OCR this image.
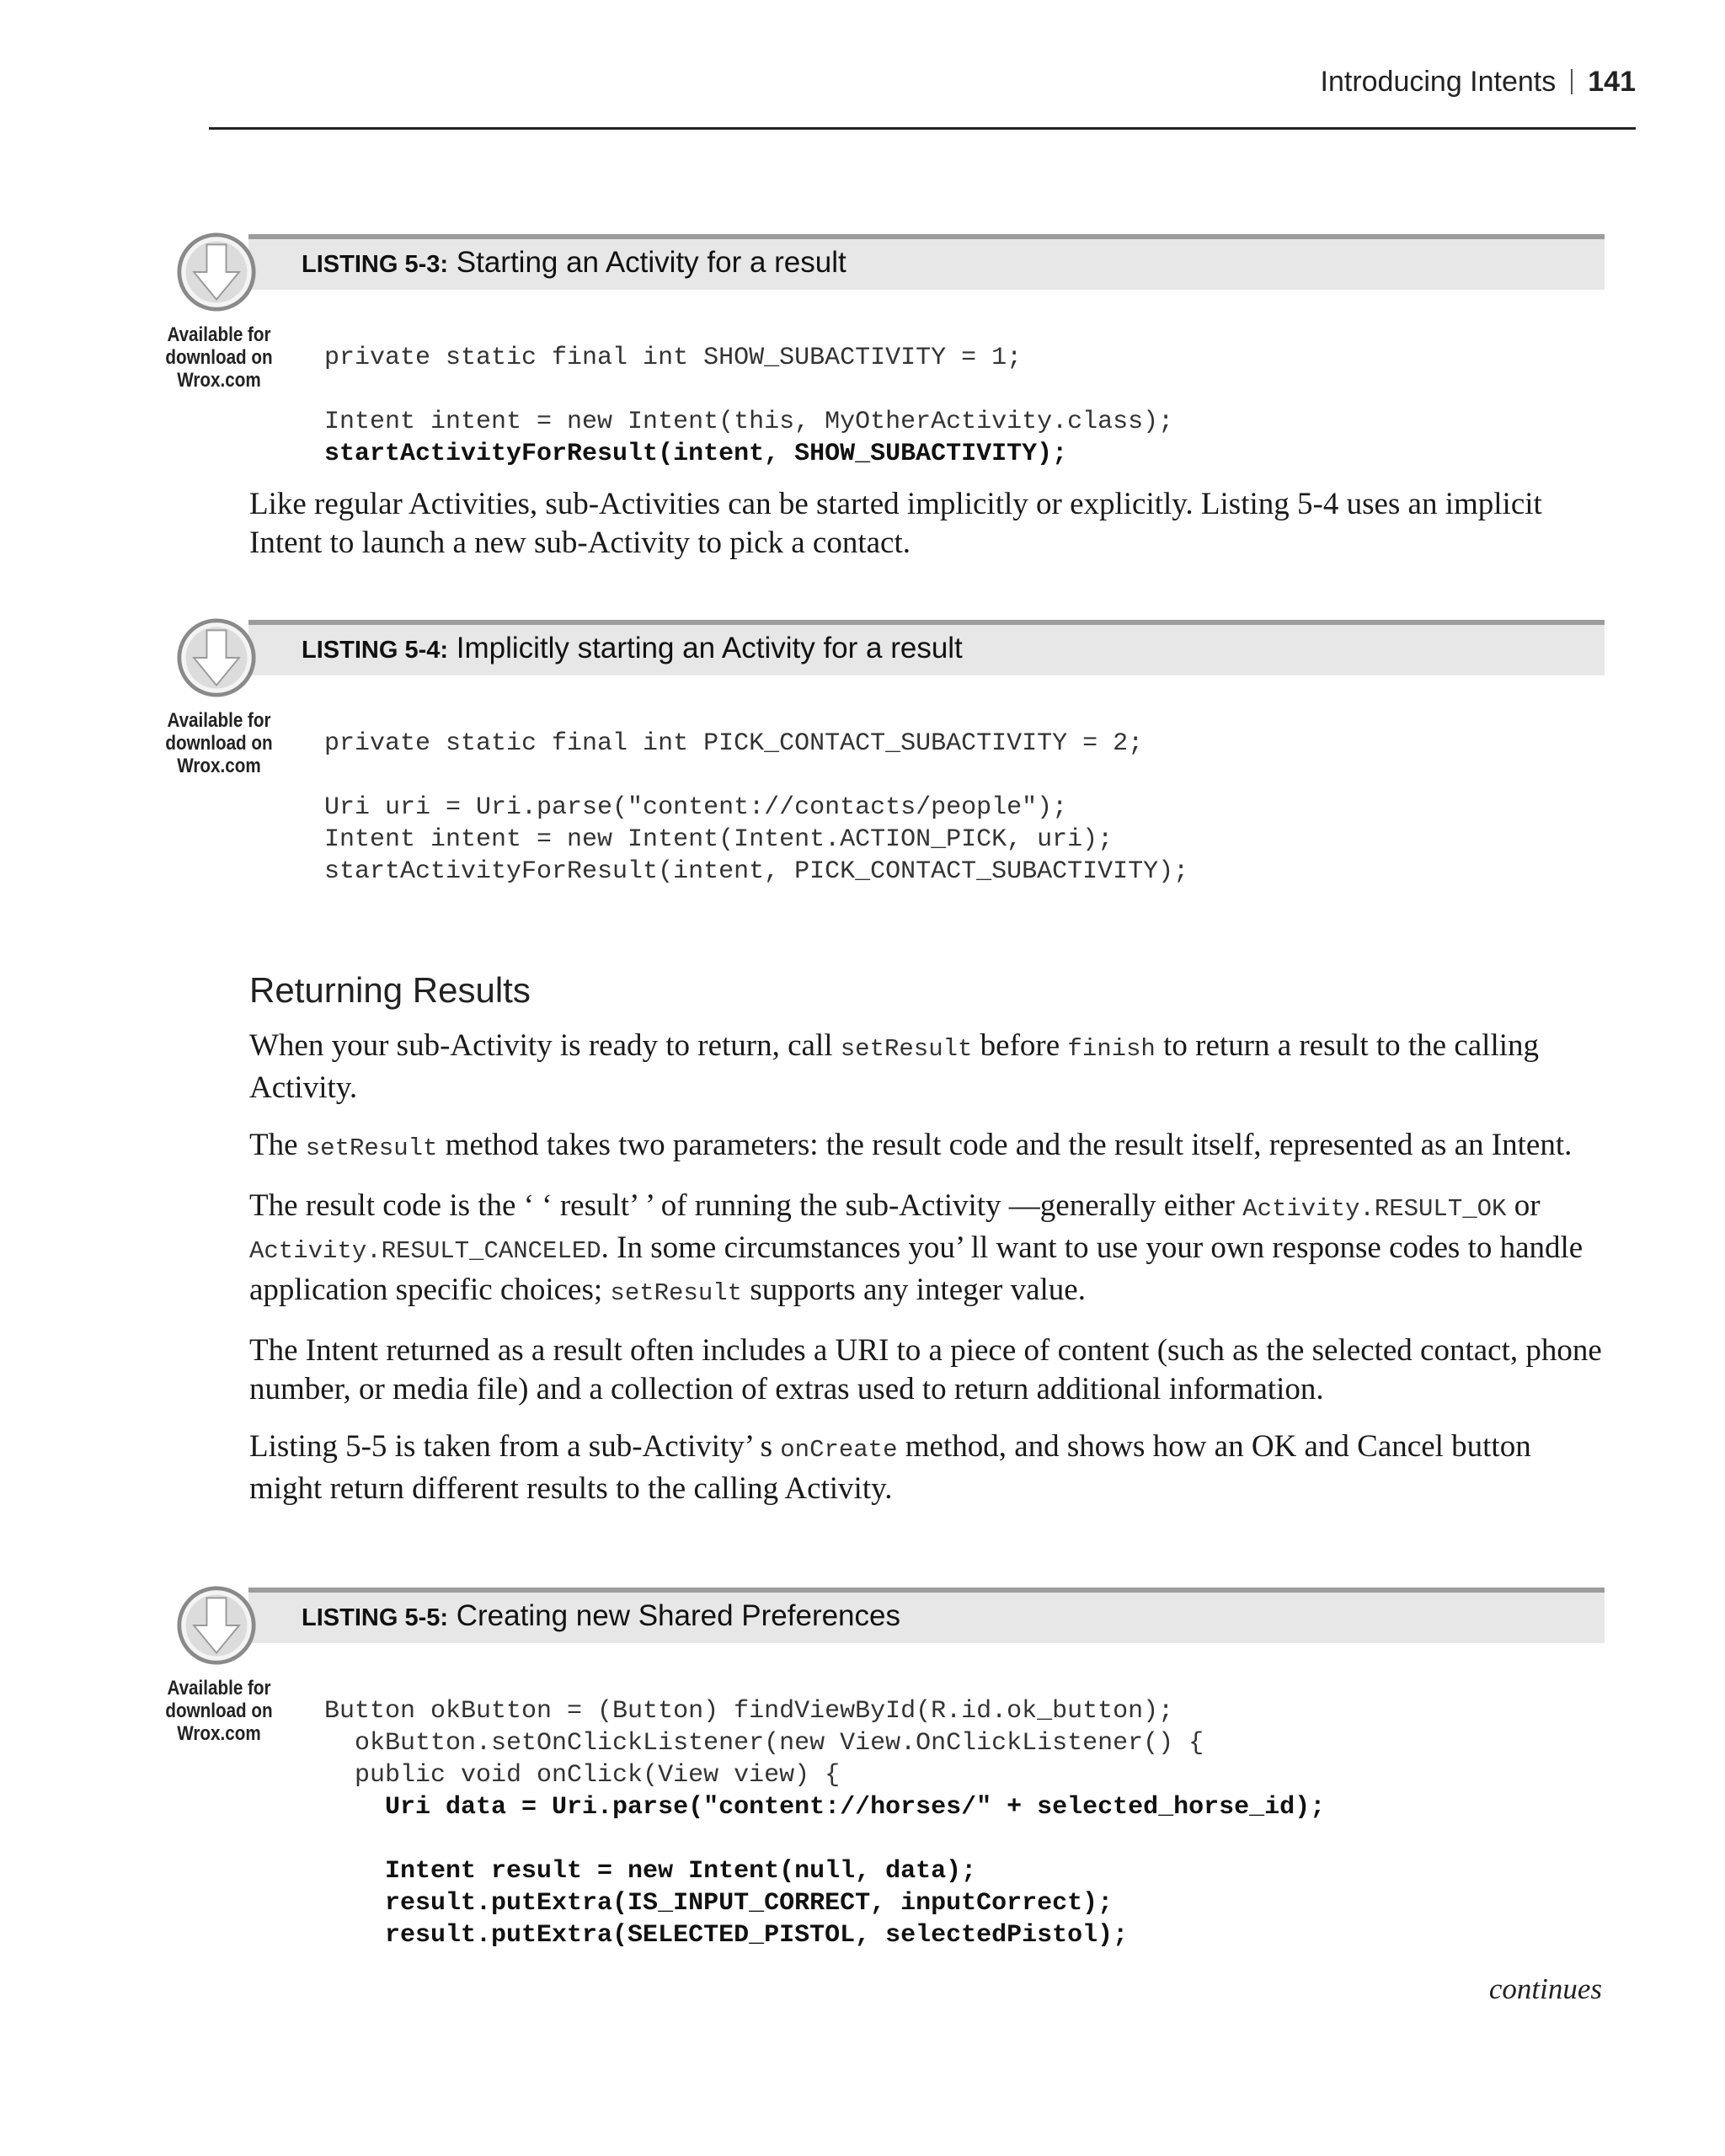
Introducing Intents 141
LISTING 5-3: Starting an Activity for a result
Available for
download on
Wrox.com
private static final int SHOW_SUBACTIVITY = 1;
Intent intent = new Intent(this, MyOtherActivity.class);
startActivityForResult(intent, SHOW_SUBACTIVITY);

Like regular Activities, sub-Activities can be started implicitly or explicitly. Listing 5-4 uses an implicit Intent to launch a new sub-Activity to pick a contact.

LISTING 5-4: Implicitly starting an Activity for a result
Available for
download on
Wrox.com
private static final int PICK_CONTACT_SUBACTIVITY = 2;
Uri uri = Uri.parse("content://contacts/people");
Intent intent = new Intent(Intent.ACTION_PICK, uri);
startActivityForResult(intent, PICK_CONTACT_SUBACTIVITY);
Returning Results

When your sub-Activity is ready to return, call setResult before finish to return a result to the calling Activity.

The setResult method takes two parameters: the result code and the result itself, represented as an Intent.

The result code is the ‘ ‘ result’ ’ of running the sub-Activity —generally either Activity.RESULT_OK or Activity.RESULT_CANCELED. In some circumstances you’ ll want to use your own response codes to handle application specific choices; setResult supports any integer value.

The Intent returned as a result often includes a URI to a piece of content (such as the selected contact, phone number, or media file) and a collection of extras used to return additional information.

Listing 5-5 is taken from a sub-Activity’ s onCreate method, and shows how an OK and Cancel button might return different results to the calling Activity.

LISTING 5-5: Creating new Shared Preferences
Available for
download on
Wrox.com
Button okButton = (Button) findViewById(R.id.ok_button);
okButton.setOnClickListener(new View.OnClickListener() {
public void onClick(View view) {
Uri data = Uri.parse("content://horses/" + selected_horse_id);
Intent result = new Intent(null, data);
result.putExtra(IS_INPUT_CORRECT, inputCorrect);
result.putExtra(SELECTED_PISTOL, selectedPistol);
continues
